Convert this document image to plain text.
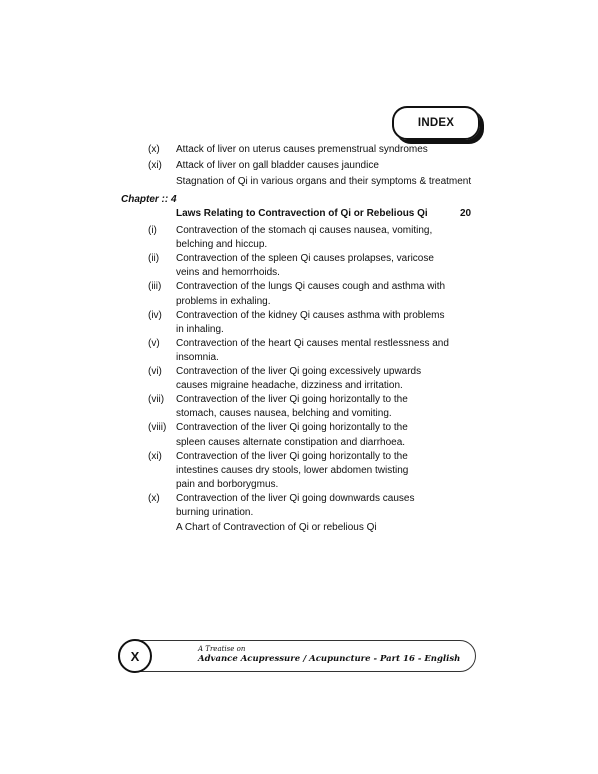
INDEX
(x) Attack of liver on uterus causes premenstrual syndromes
(xi) Attack of liver on gall bladder causes jaundice
Stagnation of Qi in various organs and their symptoms & treatment
Chapter :: 4
Laws Relating to Contravection of Qi or Rebelious Qi	20
(i) Contravection of the stomach qi causes nausea, vomiting,
belching and hiccup.
(ii) Contravection of the spleen Qi causes prolapses, varicose
veins and hemorrhoids.
(iii) Contravection of the lungs Qi causes cough and asthma with
problems in exhaling.
(iv) Contravection of the kidney Qi causes asthma with problems
in inhaling.
(v) Contravection of the heart Qi causes mental restlessness and
insomnia.
(vi) Contravection of the liver Qi going excessively upwards
causes migraine headache, dizziness and irritation.
(vii) Contravection of the liver Qi going horizontally to the
stomach, causes nausea, belching and vomiting.
(viii) Contravection of the liver Qi going horizontally to the
spleen causes alternate constipation and diarrhoea.
(xi) Contravection of the liver Qi going horizontally to the
intestines causes dry stools, lower abdomen twisting
pain and borborygmus.
(x) Contravection of the liver Qi going downwards causes
burning urination.
A Chart of Contravection of Qi or rebelious Qi
X	A Treatise on
Advance Acupressure / Acupuncture - Part 16 - English
